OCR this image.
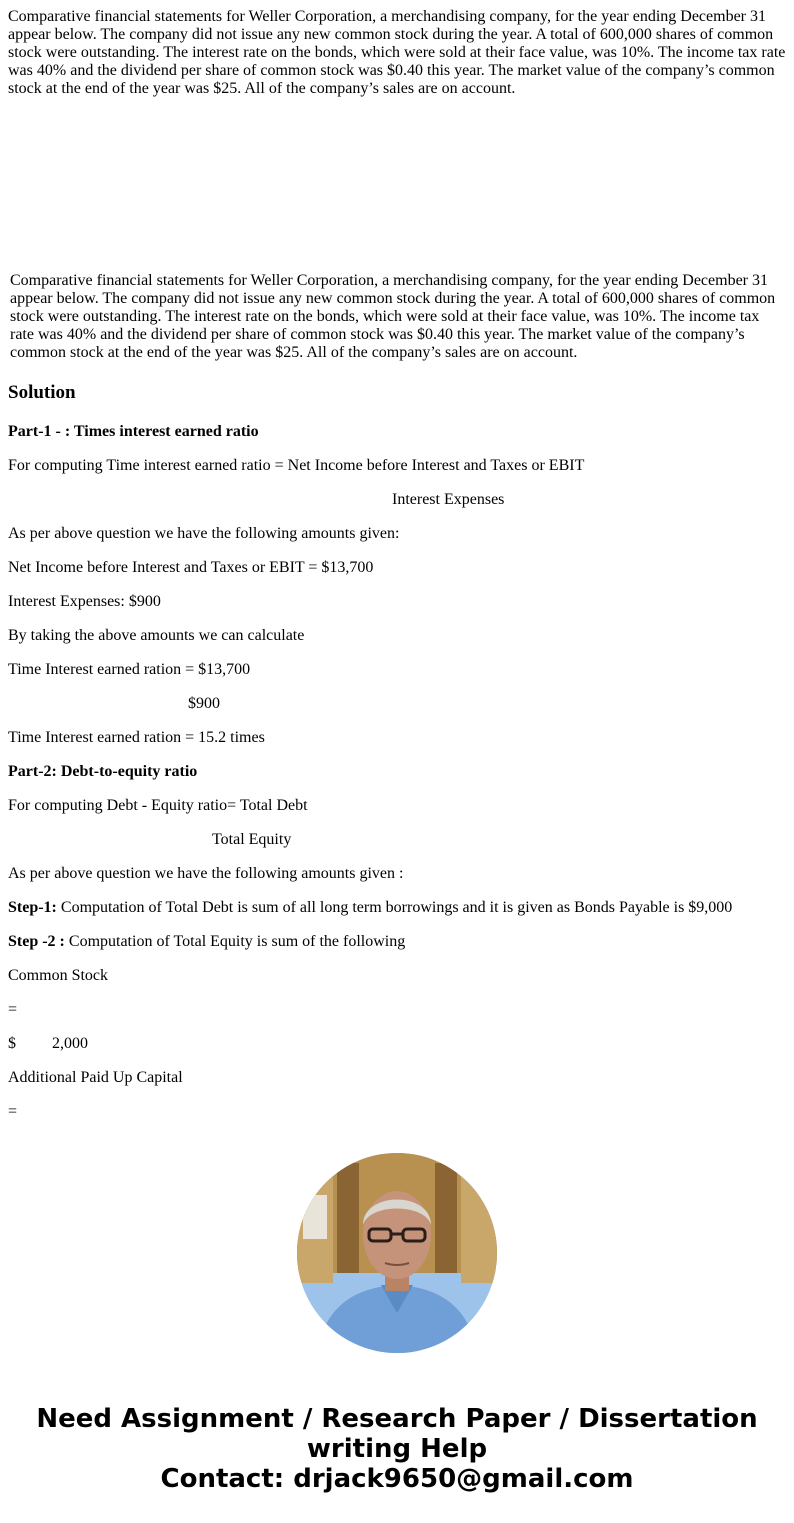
Comparative financial statements for Weller Corporation, a merchandising company, for the year ending December 31 appear below. The company did not issue any new common stock during the year. A total of 600,000 shares of common stock were outstanding. The interest rate on the bonds, which were sold at their face value, was 10%. The income tax rate was 40% and the dividend per share of common stock was $0.40 this year. The market value of the company’s common stock at the end of the year was $25. All of the company’s sales are on account.
Comparative financial statements for Weller Corporation, a merchandising company, for the year ending December 31 appear below. The company did not issue any new common stock during the year. A total of 600,000 shares of common stock were outstanding. The interest rate on the bonds, which were sold at their face value, was 10%. The income tax rate was 40% and the dividend per share of common stock was $0.40 this year. The market value of the company’s common stock at the end of the year was $25. All of the company’s sales are on account.
Solution
Part-1 - : Times interest earned ratio
For computing Time interest earned ratio = Net Income before Interest and Taxes or EBIT
Interest Expenses
As per above question we have the following amounts given:
Net Income before Interest and Taxes or EBIT = $13,700
Interest Expenses: $900
By taking the above amounts we can calculate
Time Interest earned ration = $13,700
$900
Time Interest earned ration = 15.2 times
Part-2: Debt-to-equity ratio
For computing Debt - Equity ratio= Total Debt
Total Equity
As per above question we have the following amounts given :
Step-1: Computation of Total Debt is sum of all long term borrowings and it is given as Bonds Payable is $9,000
Step -2 : Computation of Total Equity is sum of the following
Common Stock
=
$ 2,000
Additional Paid Up Capital
=
Need Assignment / Research Paper / Dissertation
writing Help
Contact: drjack9650@gmail.com
